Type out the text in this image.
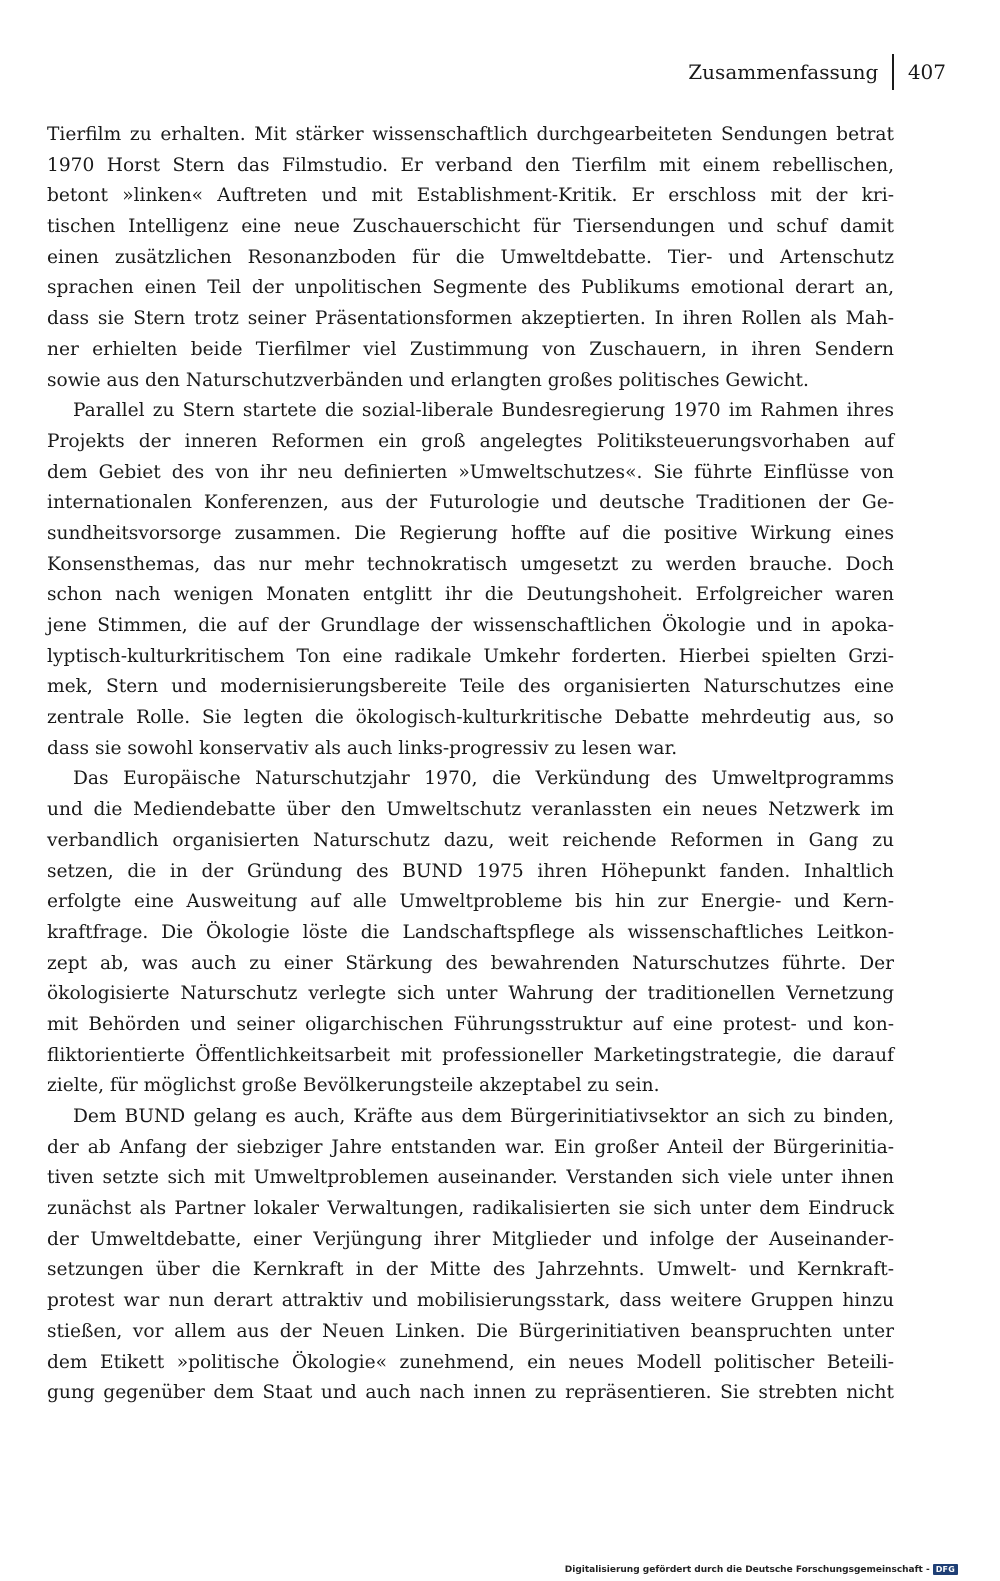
Zusammenfassung	407
Tierfilm zu erhalten. Mit stärker wissenschaftlich durchgearbeiteten Sendungen betrat
1970 Horst Stern das Filmstudio. Er verband den Tierfilm mit einem rebellischen,
betont »linken« Auftreten und mit Establishment-Kritik. Er erschloss mit der kri-
tischen Intelligenz eine neue Zuschauerschicht für Tiersendungen und schuf damit
einen zusätzlichen Resonanzboden für die Umweltdebatte. Tier- und Artenschutz
sprachen einen Teil der unpolitischen Segmente des Publikums emotional derart an,
dass sie Stern trotz seiner Präsentationsformen akzeptierten. In ihren Rollen als Mah-
ner erhielten beide Tierfilmer viel Zustimmung von Zuschauern, in ihren Sendern
sowie aus den Naturschutzverbänden und erlangten großes politisches Gewicht.
Parallel zu Stern startete die sozial-liberale Bundesregierung 1970 im Rahmen ihres
Projekts der inneren Reformen ein groß angelegtes Politiksteuerungsvorhaben auf
dem Gebiet des von ihr neu definierten »Umweltschutzes«. Sie führte Einflüsse von
internationalen Konferenzen, aus der Futurologie und deutsche Traditionen der Ge-
sundheitsvorsorge zusammen. Die Regierung hoffte auf die positive Wirkung eines
Konsensthemas, das nur mehr technokratisch umgesetzt zu werden brauche. Doch
schon nach wenigen Monaten entglitt ihr die Deutungshoheit. Erfolgreicher waren
jene Stimmen, die auf der Grundlage der wissenschaftlichen Ökologie und in apoka-
lyptisch-kulturkritischem Ton eine radikale Umkehr forderten. Hierbei spielten Grzi-
mek, Stern und modernisierungsbereite Teile des organisierten Naturschutzes eine
zentrale Rolle. Sie legten die ökologisch-kulturkritische Debatte mehrdeutig aus, so
dass sie sowohl konservativ als auch links-progressiv zu lesen war.
Das Europäische Naturschutzjahr 1970, die Verkündung des Umweltprogramms
und die Mediendebatte über den Umweltschutz veranlassten ein neues Netzwerk im
verbandlich organisierten Naturschutz dazu, weit reichende Reformen in Gang zu
setzen, die in der Gründung des BUND 1975 ihren Höhepunkt fanden. Inhaltlich
erfolgte eine Ausweitung auf alle Umweltprobleme bis hin zur Energie- und Kern-
kraftfrage. Die Ökologie löste die Landschaftspflege als wissenschaftliches Leitkon-
zept ab, was auch zu einer Stärkung des bewahrenden Naturschutzes führte. Der
ökologisierte Naturschutz verlegte sich unter Wahrung der traditionellen Vernetzung
mit Behörden und seiner oligarchischen Führungsstruktur auf eine protest- und kon-
fliktorientierte Öffentlichkeitsarbeit mit professioneller Marketingstrategie, die darauf
zielte, für möglichst große Bevölkerungsteile akzeptabel zu sein.
Dem BUND gelang es auch, Kräfte aus dem Bürgerinitiativsektor an sich zu binden,
der ab Anfang der siebziger Jahre entstanden war. Ein großer Anteil der Bürgerinitia-
tiven setzte sich mit Umweltproblemen auseinander. Verstanden sich viele unter ihnen
zunächst als Partner lokaler Verwaltungen, radikalisierten sie sich unter dem Eindruck
der Umweltdebatte, einer Verjüngung ihrer Mitglieder und infolge der Auseinander-
setzungen über die Kernkraft in der Mitte des Jahrzehnts. Umwelt- und Kernkraft-
protest war nun derart attraktiv und mobilisierungsstark, dass weitere Gruppen hinzu
stießen, vor allem aus der Neuen Linken. Die Bürgerinitiativen beanspruchten unter
dem Etikett »politische Ökologie« zunehmend, ein neues Modell politischer Beteili-
gung gegenüber dem Staat und auch nach innen zu repräsentieren. Sie strebten nicht
Digitalisierung gefördert durch die Deutsche Forschungsgemeinschaft - DFG
